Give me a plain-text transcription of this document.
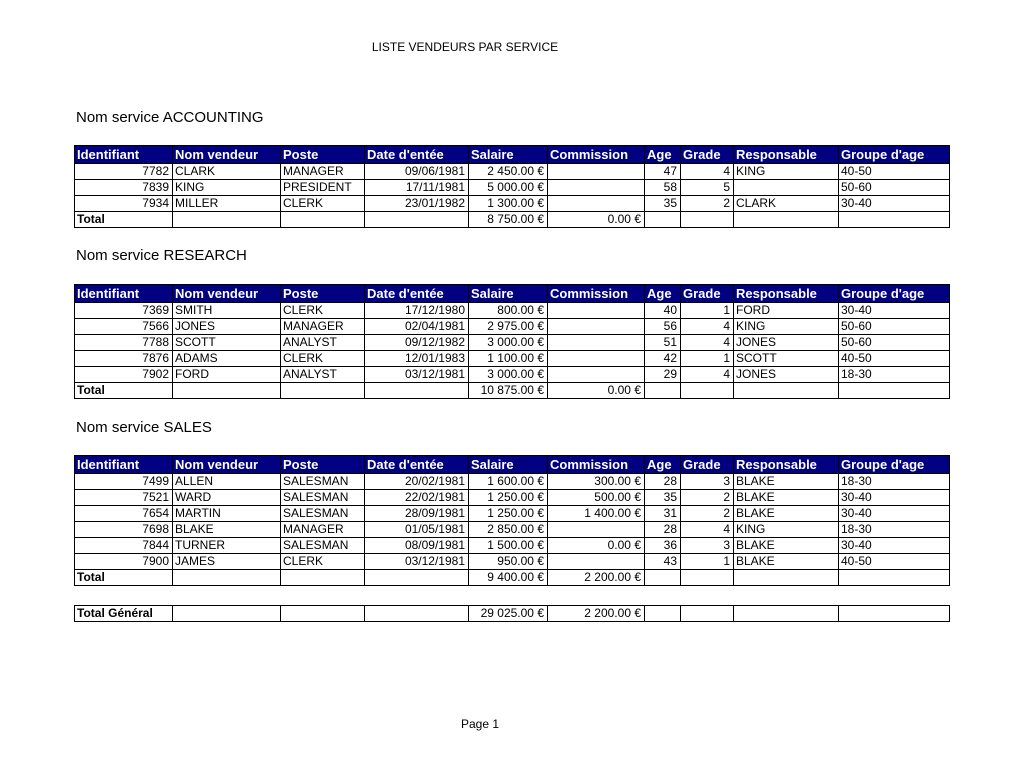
LISTE VENDEURS PAR SERVICE
Nom service ACCOUNTING
Identifiant	Nom vendeur	Poste	Date d'entée	Salaire	Commission	Age	Grade	Responsable	Groupe d'age
7782	CLARK	MANAGER	09/06/1981	2 450.00 €		47	4	KING	40-50
7839	KING	PRESIDENT	17/11/1981	5 000.00 €		58	5		50-60
7934	MILLER	CLERK	23/01/1982	1 300.00 €		35	2	CLARK	30-40
Total				8 750.00 €	0.00 €				
Nom service RESEARCH
Identifiant	Nom vendeur	Poste	Date d'entée	Salaire	Commission	Age	Grade	Responsable	Groupe d'age
7369	SMITH	CLERK	17/12/1980	800.00 €		40	1	FORD	30-40
7566	JONES	MANAGER	02/04/1981	2 975.00 €		56	4	KING	50-60
7788	SCOTT	ANALYST	09/12/1982	3 000.00 €		51	4	JONES	50-60
7876	ADAMS	CLERK	12/01/1983	1 100.00 €		42	1	SCOTT	40-50
7902	FORD	ANALYST	03/12/1981	3 000.00 €		29	4	JONES	18-30
Total				10 875.00 €	0.00 €				
Nom service SALES
Identifiant	Nom vendeur	Poste	Date d'entée	Salaire	Commission	Age	Grade	Responsable	Groupe d'age
7499	ALLEN	SALESMAN	20/02/1981	1 600.00 €	300.00 €	28	3	BLAKE	18-30
7521	WARD	SALESMAN	22/02/1981	1 250.00 €	500.00 €	35	2	BLAKE	30-40
7654	MARTIN	SALESMAN	28/09/1981	1 250.00 €	1 400.00 €	31	2	BLAKE	30-40
7698	BLAKE	MANAGER	01/05/1981	2 850.00 €		28	4	KING	18-30
7844	TURNER	SALESMAN	08/09/1981	1 500.00 €	0.00 €	36	3	BLAKE	30-40
7900	JAMES	CLERK	03/12/1981	950.00 €		43	1	BLAKE	40-50
Total				9 400.00 €	2 200.00 €				
Total Général				29 025.00 €	2 200.00 €				
Page 1
